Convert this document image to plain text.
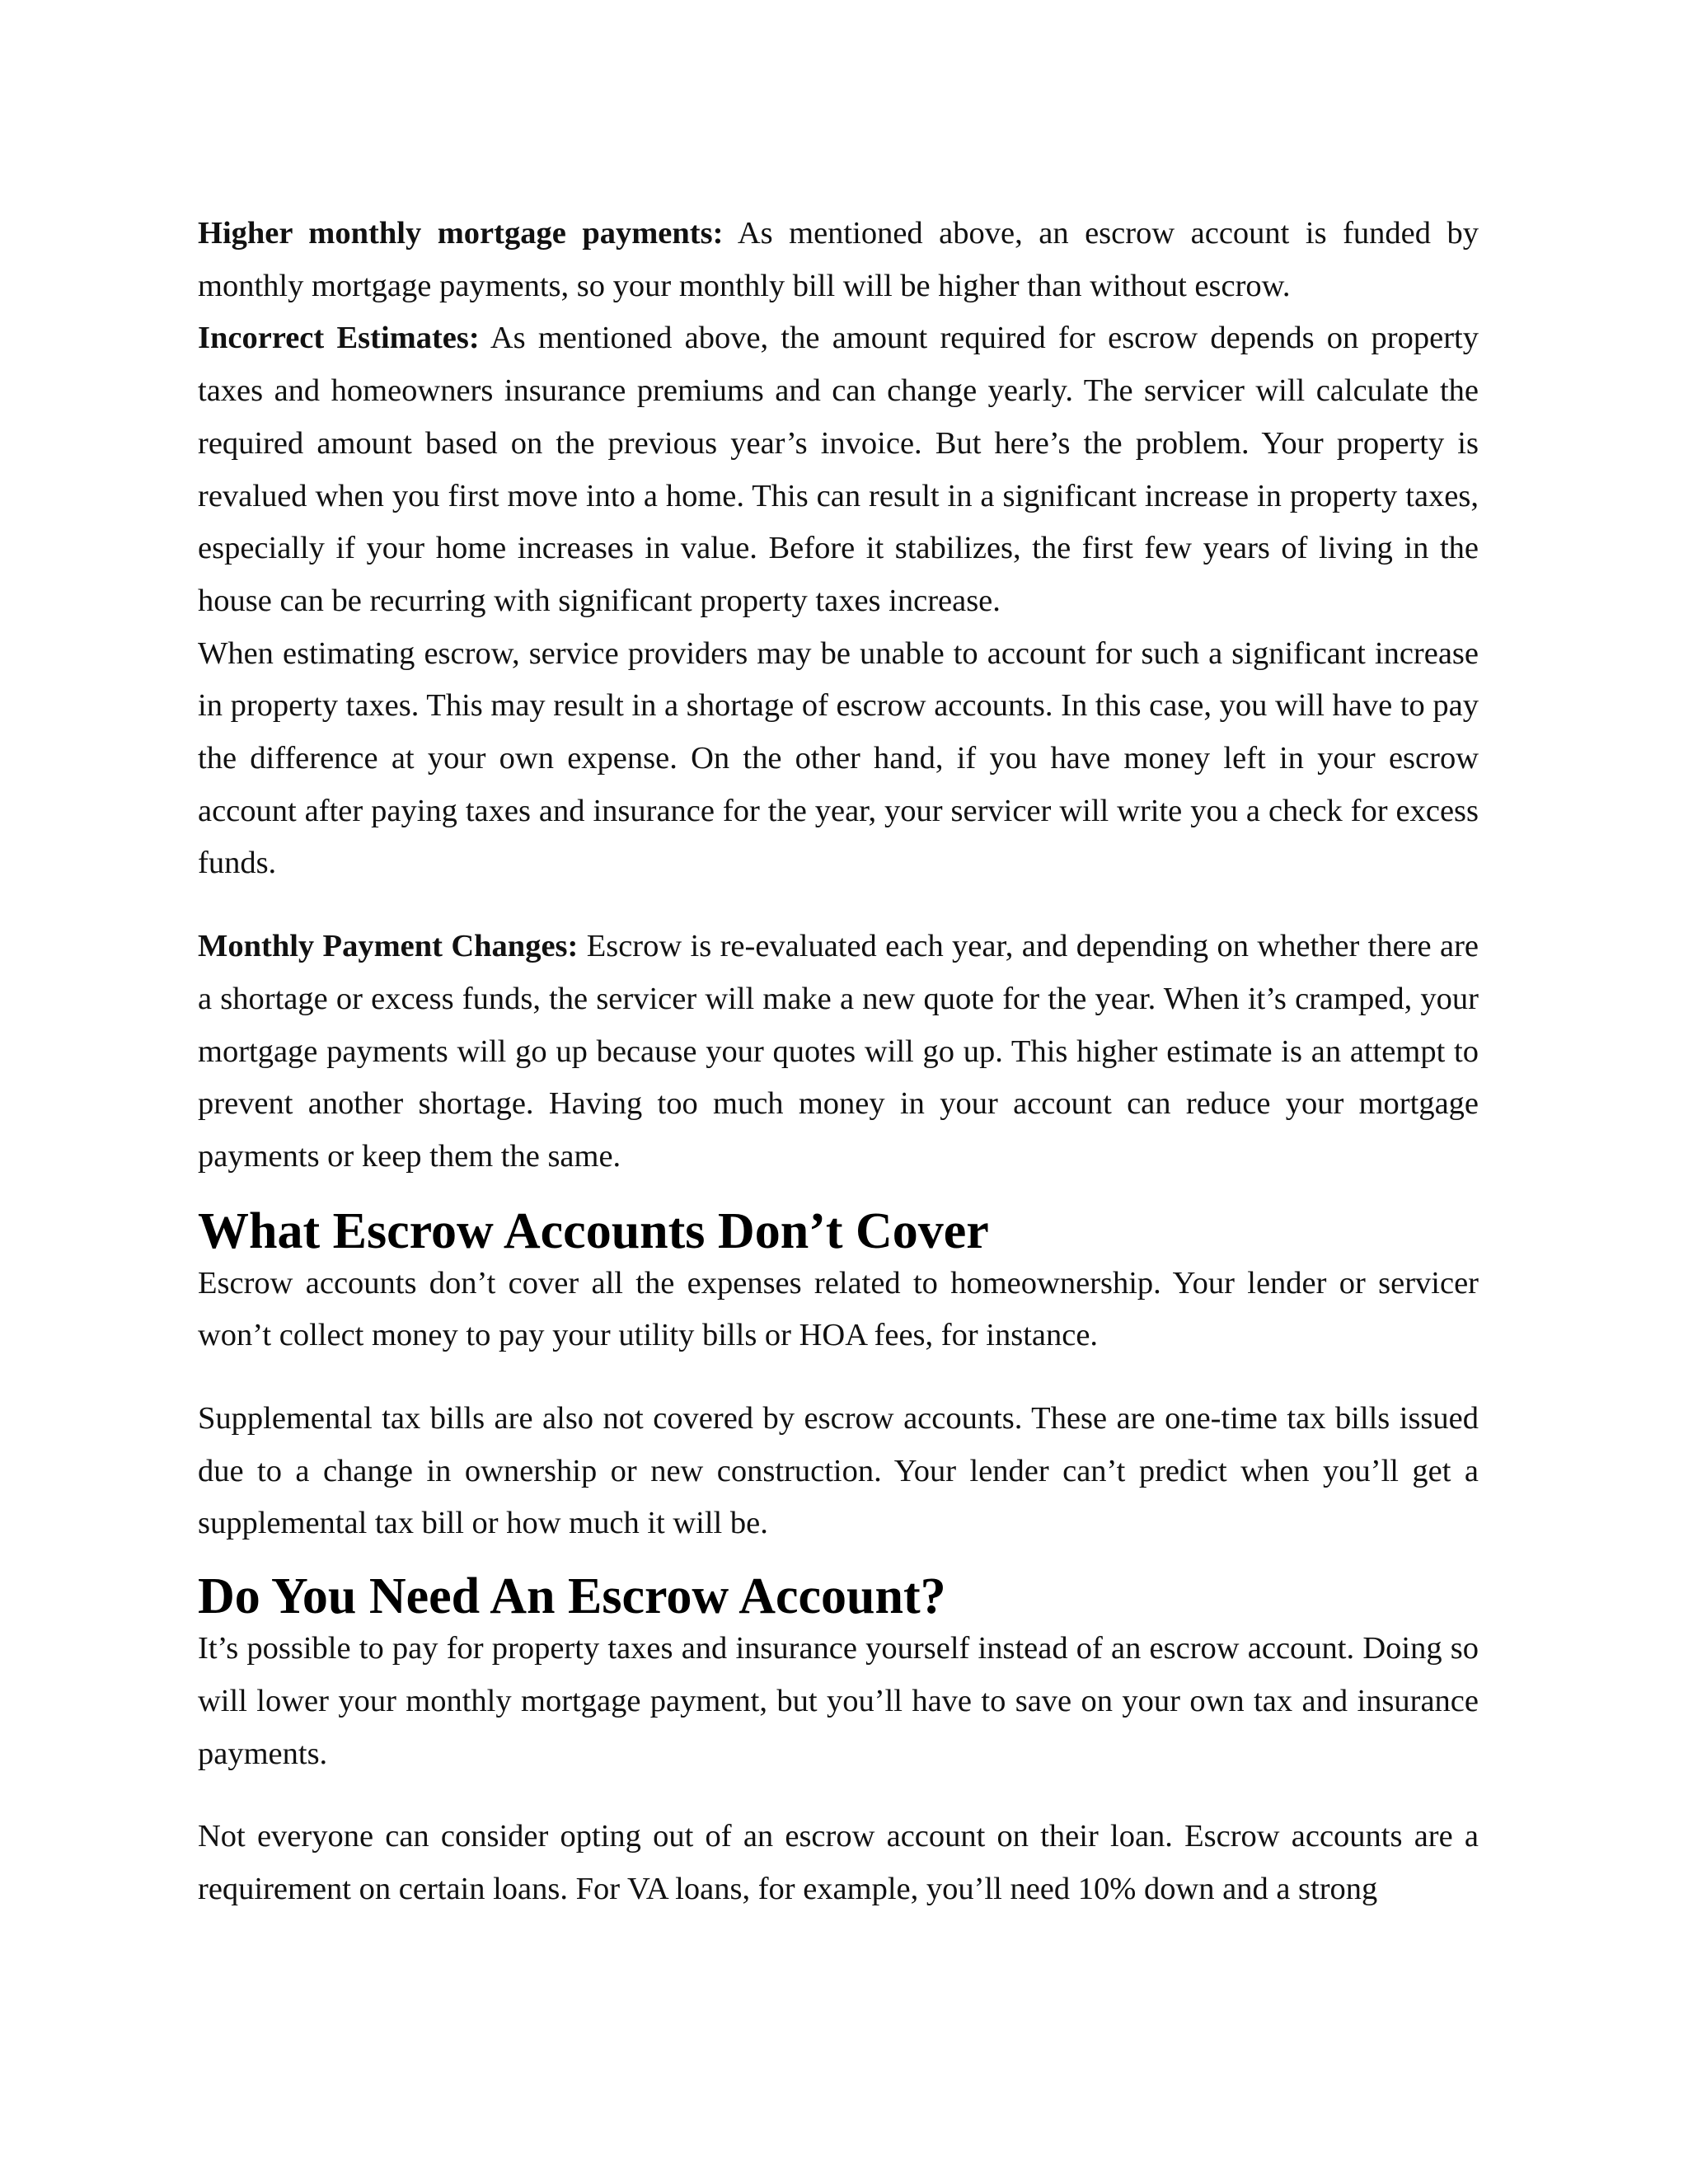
Higher monthly mortgage payments: As mentioned above, an escrow account is funded by monthly mortgage payments, so your monthly bill will be higher than without escrow.

Incorrect Estimates: As mentioned above, the amount required for escrow depends on property taxes and homeowners insurance premiums and can change yearly. The servicer will calculate the required amount based on the previous year’s invoice. But here’s the problem. Your property is revalued when you first move into a home. This can result in a significant increase in property taxes, especially if your home increases in value. Before it stabilizes, the first few years of living in the house can be recurring with significant property taxes increase.

When estimating escrow, service providers may be unable to account for such a significant increase in property taxes. This may result in a shortage of escrow accounts. In this case, you will have to pay the difference at your own expense. On the other hand, if you have money left in your escrow account after paying taxes and insurance for the year, your servicer will write you a check for excess funds.

Monthly Payment Changes: Escrow is re-evaluated each year, and depending on whether there are a shortage or excess funds, the servicer will make a new quote for the year. When it’s cramped, your mortgage payments will go up because your quotes will go up. This higher estimate is an attempt to prevent another shortage. Having too much money in your account can reduce your mortgage payments or keep them the same.

What Escrow Accounts Don’t Cover

Escrow accounts don’t cover all the expenses related to homeownership. Your lender or servicer won’t collect money to pay your utility bills or HOA fees, for instance.

Supplemental tax bills are also not covered by escrow accounts. These are one-time tax bills issued due to a change in ownership or new construction. Your lender can’t predict when you’ll get a supplemental tax bill or how much it will be.

Do You Need An Escrow Account?

It’s possible to pay for property taxes and insurance yourself instead of an escrow account. Doing so will lower your monthly mortgage payment, but you’ll have to save on your own tax and insurance payments.

Not everyone can consider opting out of an escrow account on their loan. Escrow accounts are a requirement on certain loans. For VA loans, for example, you’ll need 10% down and a strong
